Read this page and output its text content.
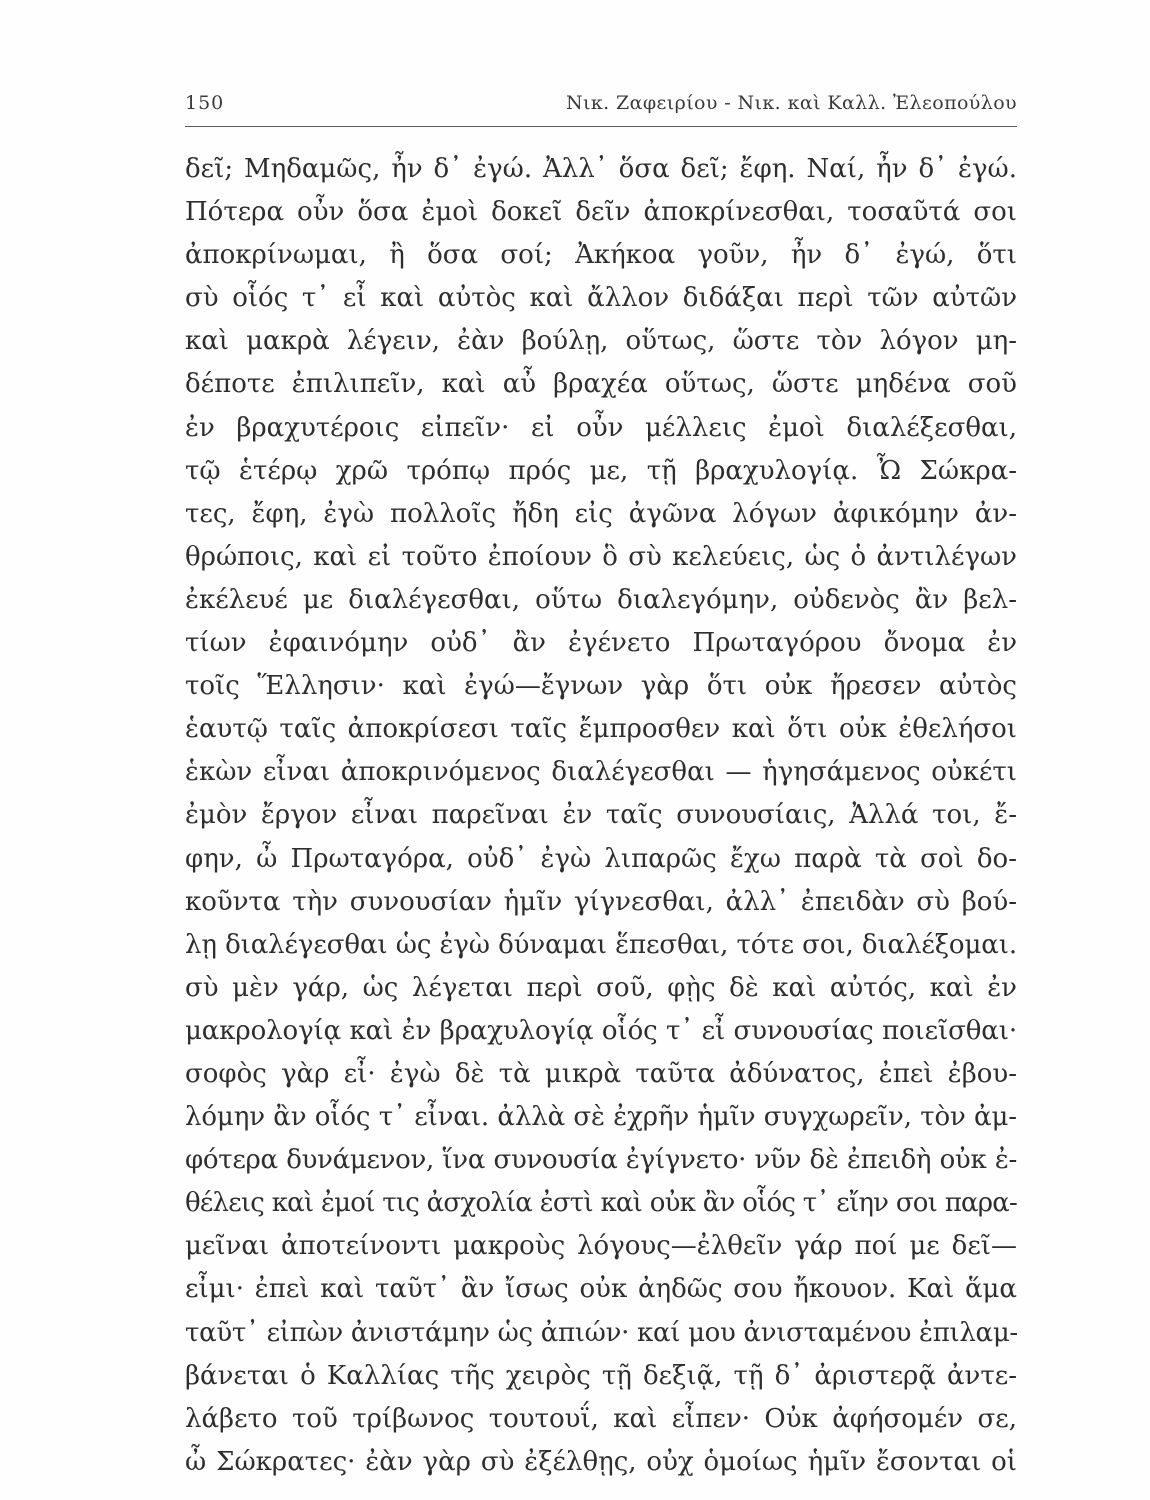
150	Νικ. Ζαφειρίου - Νικ. καὶ Καλλ. Ἐλεοπούλου
δεῖ; Μηδαμῶς, ἦν δ᾽ ἐγώ. Ἀλλ᾽ ὅσα δεῖ; ἔφη. Ναί, ἦν δ᾽ ἐγώ.
Πότερα οὖν ὅσα ἐμοὶ δοκεῖ δεῖν ἀποκρίνεσθαι, τοσαῦτά σοι
ἀποκρίνωμαι, ἢ ὅσα σοί; Ἀκήκοα γοῦν, ἦν δ᾽ ἐγώ, ὅτι
σὺ οἷός τ᾽ εἶ καὶ αὐτὸς καὶ ἄλλον διδάξαι περὶ τῶν αὐτῶν
καὶ μακρὰ λέγειν, ἐὰν βούλῃ, οὕτως, ὥστε τὸν λόγον μη-
δέποτε ἐπιλιπεῖν, καὶ αὖ βραχέα οὕτως, ὥστε μηδένα σοῦ
ἐν βραχυτέροις εἰπεῖν· εἰ οὖν μέλλεις ἐμοὶ διαλέξεσθαι,
τῷ ἑτέρῳ χρῶ τρόπῳ πρός με, τῇ βραχυλογίᾳ. Ὦ Σώκρα-
τες, ἔφη, ἐγὼ πολλοῖς ἤδη εἰς ἀγῶνα λόγων ἀφικόμην ἀν-
θρώποις, καὶ εἰ τοῦτο ἐποίουν ὃ σὺ κελεύεις, ὡς ὁ ἀντιλέγων
ἐκέλευέ με διαλέγεσθαι, οὕτω διαλεγόμην, οὐδενὸς ἂν βελ-
τίων ἐφαινόμην οὐδ᾽ ἂν ἐγένετο Πρωταγόρου ὄνομα ἐν
τοῖς Ἕλλησιν· καὶ ἐγώ—ἔγνων γὰρ ὅτι οὐκ ἤρεσεν αὐτὸς
ἑαυτῷ ταῖς ἀποκρίσεσι ταῖς ἔμπροσθεν καὶ ὅτι οὐκ ἐθελήσοι
ἑκὼν εἶναι ἀποκρινόμενος διαλέγεσθαι — ἡγησάμενος οὐκέτι
ἐμὸν ἔργον εἶναι παρεῖναι ἐν ταῖς συνουσίαις, Ἀλλά τοι, ἔ-
φην, ὦ Πρωταγόρα, οὐδ᾽ ἐγὼ λιπαρῶς ἔχω παρὰ τὰ σοὶ δο-
κοῦντα τὴν συνουσίαν ἡμῖν γίγνεσθαι, ἀλλ᾽ ἐπειδὰν σὺ βού-
λῃ διαλέγεσθαι ὡς ἐγὼ δύναμαι ἕπεσθαι, τότε σοι, διαλέξομαι.
σὺ μὲν γάρ, ὡς λέγεται περὶ σοῦ, φῂς δὲ καὶ αὐτός, καὶ ἐν
μακρολογίᾳ καὶ ἐν βραχυλογίᾳ οἷός τ᾽ εἶ συνουσίας ποιεῖσθαι·
σοφὸς γὰρ εἶ· ἐγὼ δὲ τὰ μικρὰ ταῦτα ἀδύνατος, ἐπεὶ ἐβου-
λόμην ἂν οἷός τ᾽ εἶναι. ἀλλὰ σὲ ἐχρῆν ἡμῖν συγχωρεῖν, τὸν ἀμ-
φότερα δυνάμενον, ἵνα συνουσία ἐγίγνετο· νῦν δὲ ἐπειδὴ οὐκ ἐ-
θέλεις καὶ ἐμοί τις ἀσχολία ἐστὶ καὶ οὐκ ἂν οἷός τ᾽ εἴην σοι παρα-
μεῖναι ἀποτείνοντι μακροὺς λόγους—ἐλθεῖν γάρ ποί με δεῖ—
εἶμι· ἐπεὶ καὶ ταῦτ᾽ ἂν ἴσως οὐκ ἀηδῶς σου ἤκουον. Καὶ ἅμα
ταῦτ᾽ εἰπὼν ἀνιστάμην ὡς ἀπιών· καί μου ἀνισταμένου ἐπιλαμ-
βάνεται ὁ Καλλίας τῆς χειρὸς τῇ δεξιᾷ, τῇ δ᾽ ἀριστερᾷ ἀντε-
λάβετο τοῦ τρίβωνος τουτουΐ, καὶ εἶπεν· Οὐκ ἀφήσομέν σε,
ὦ Σώκρατες· ἐὰν γὰρ σὺ ἐξέλθῃς, οὐχ ὁμοίως ἡμῖν ἔσονται οἱ
